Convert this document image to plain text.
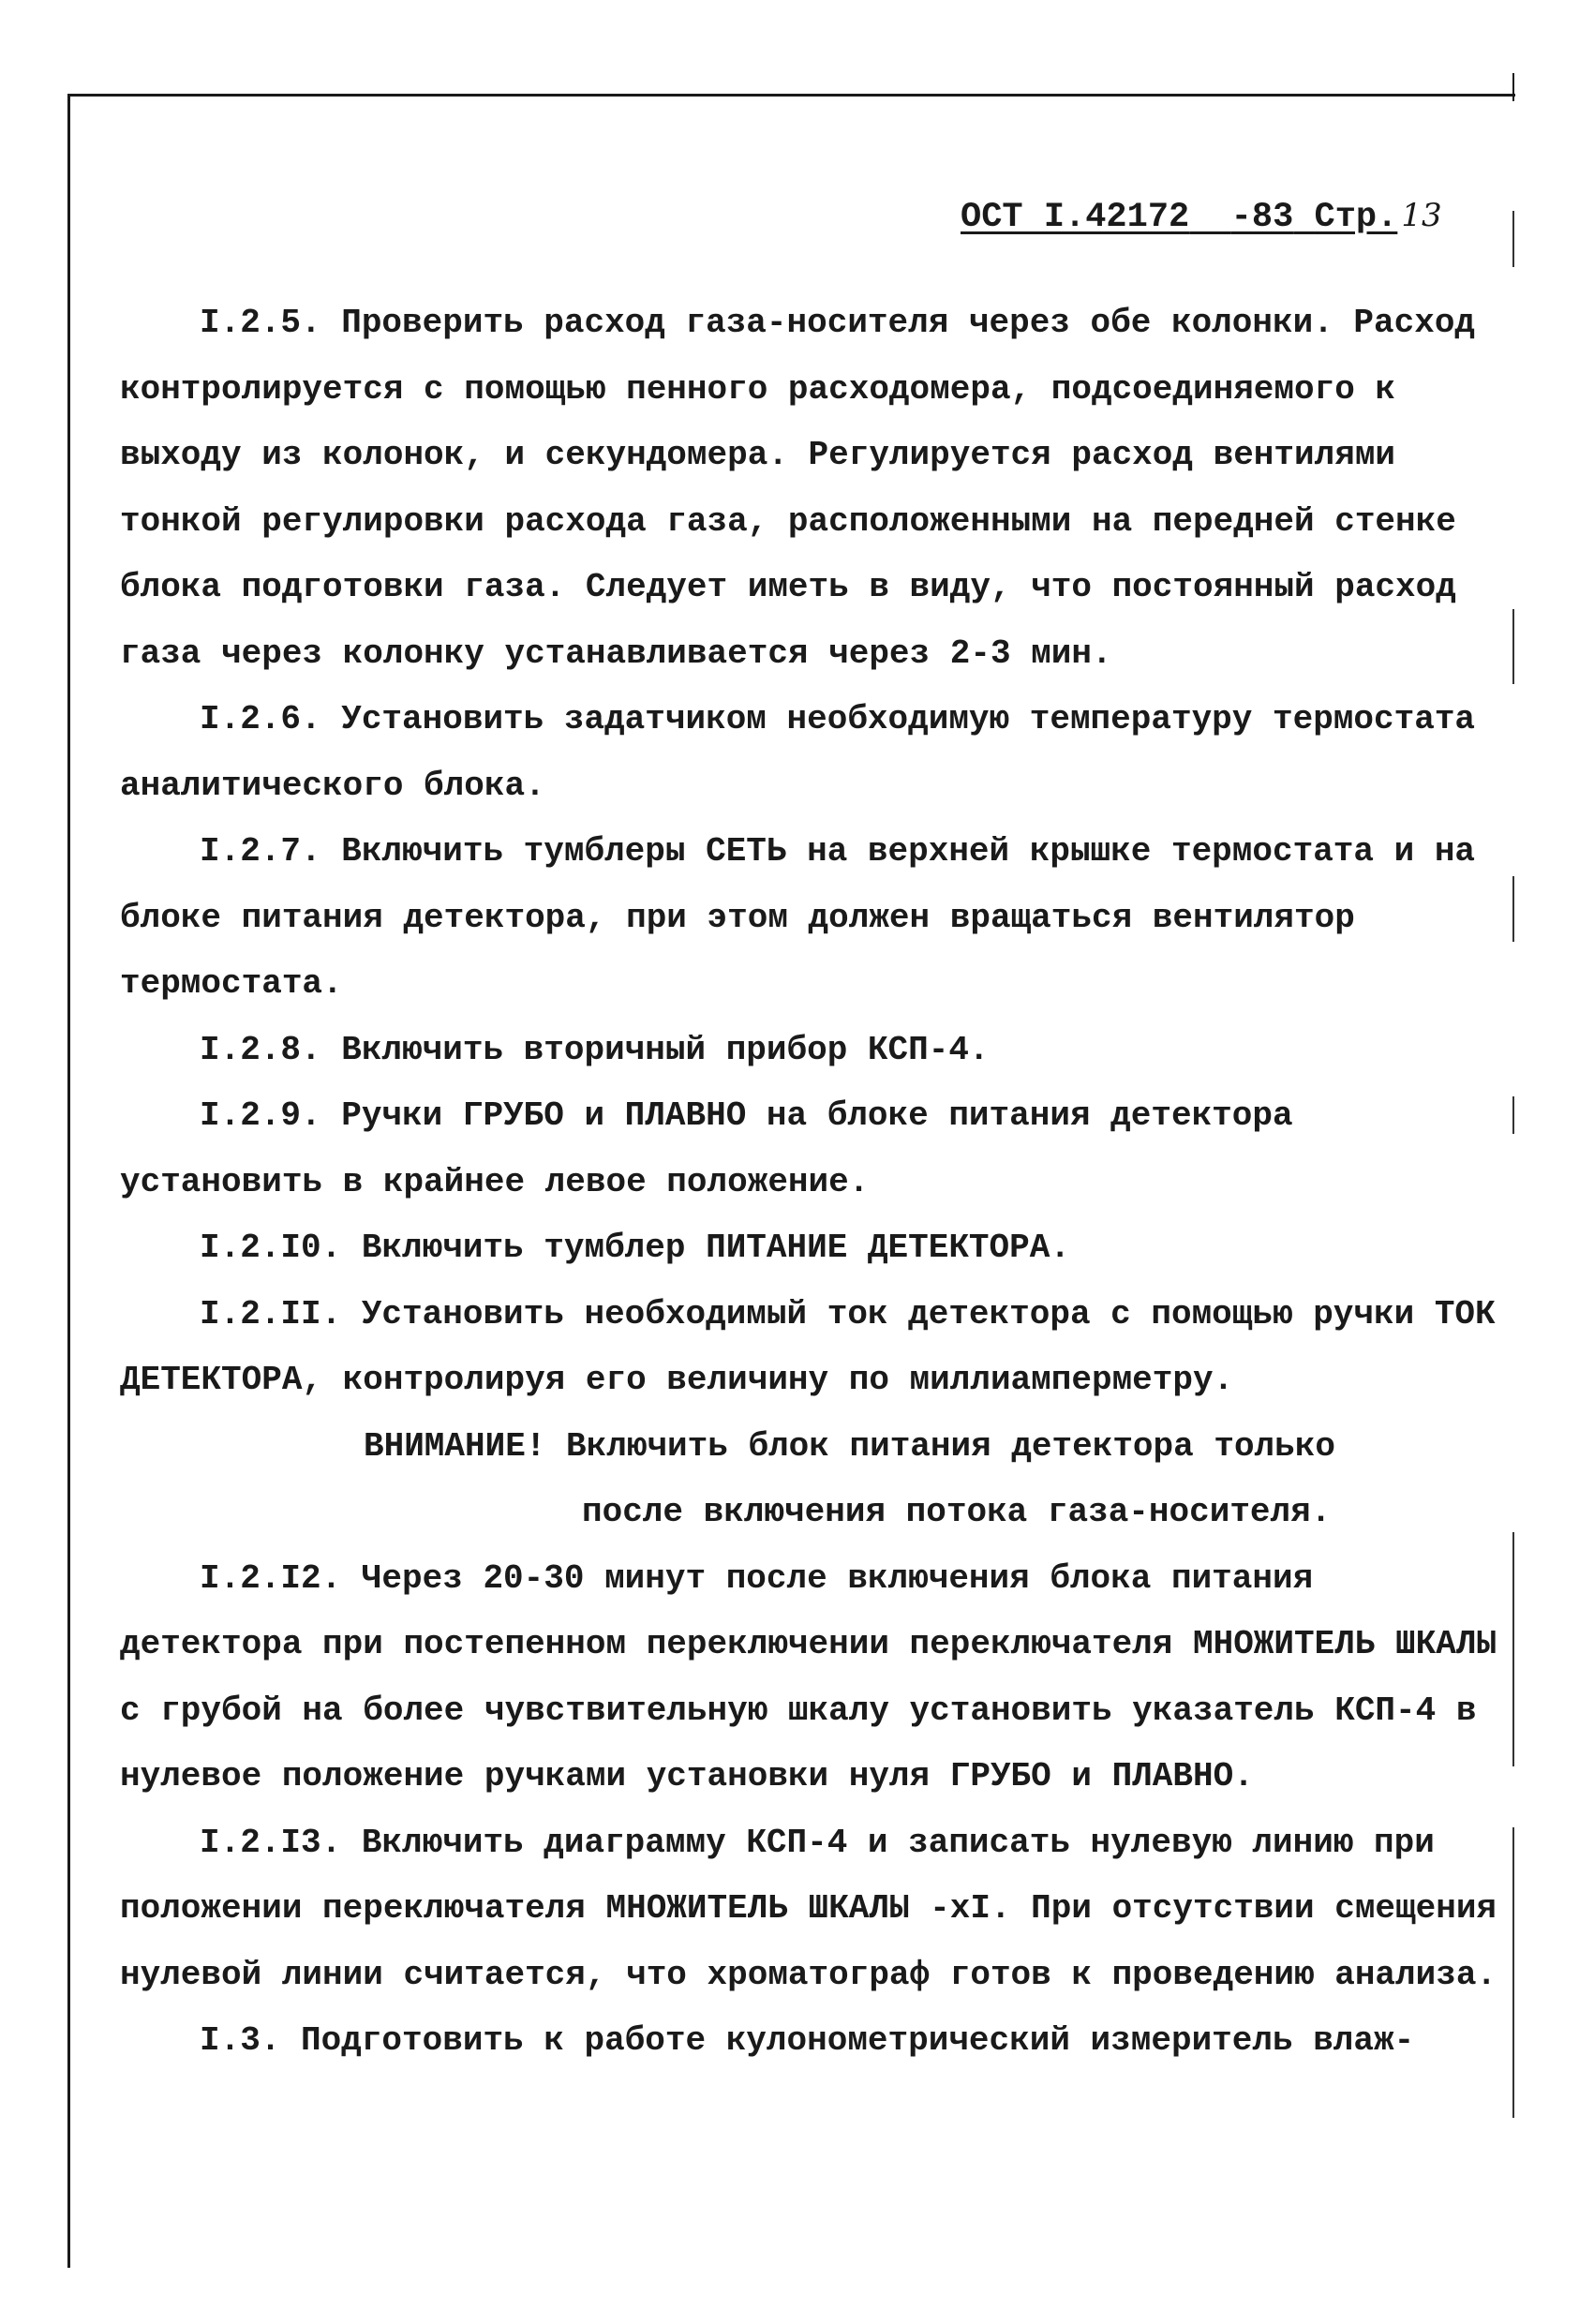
ОСТ I.42172 -83 Стр. 13

I.2.5. Проверить расход газа-носителя через обе колонки. Расход контролируется с помощью пенного расходомера, подсоединяемого к выходу из колонок, и секундомера. Регулируется расход вентилями тонкой регулировки расхода газа, расположенными на передней стенке блока подготовки газа. Следует иметь в виду, что постоянный расход газа через колонку устанавливается через 2-3 мин.

I.2.6. Установить задатчиком необходимую температуру термостата аналитического блока.

I.2.7. Включить тумблеры СЕТЬ на верхней крышке термостата и на блоке питания детектора, при этом должен вращаться вентилятор термостата.

I.2.8. Включить вторичный прибор КСП-4.

I.2.9. Ручки ГРУБО и ПЛАВНО на блоке питания детектора установить в крайнее левое положение.

I.2.I0. Включить тумблер ПИТАНИЕ ДЕТЕКТОРА.

I.2.II. Установить необходимый ток детектора с помощью ручки ТОК ДЕТЕКТОРА, контролируя его величину по миллиамперметру.

ВНИМАНИЕ! Включить блок питания детектора только

после включения потока газа-носителя.

I.2.I2. Через 20-30 минут после включения блока питания детектора при постепенном переключении переключателя МНОЖИТЕЛЬ ШКАЛЫ с грубой на более чувствительную шкалу установить указатель КСП-4 в нулевое положение ручками установки нуля ГРУБО и ПЛАВНО.

I.2.I3. Включить диаграмму КСП-4 и записать нулевую линию при положении переключателя МНОЖИТЕЛЬ ШКАЛЫ -xI. При отсутствии смещения нулевой линии считается, что хроматограф готов к проведению анализа.

I.3. Подготовить к работе кулонометрический измеритель влаж-
